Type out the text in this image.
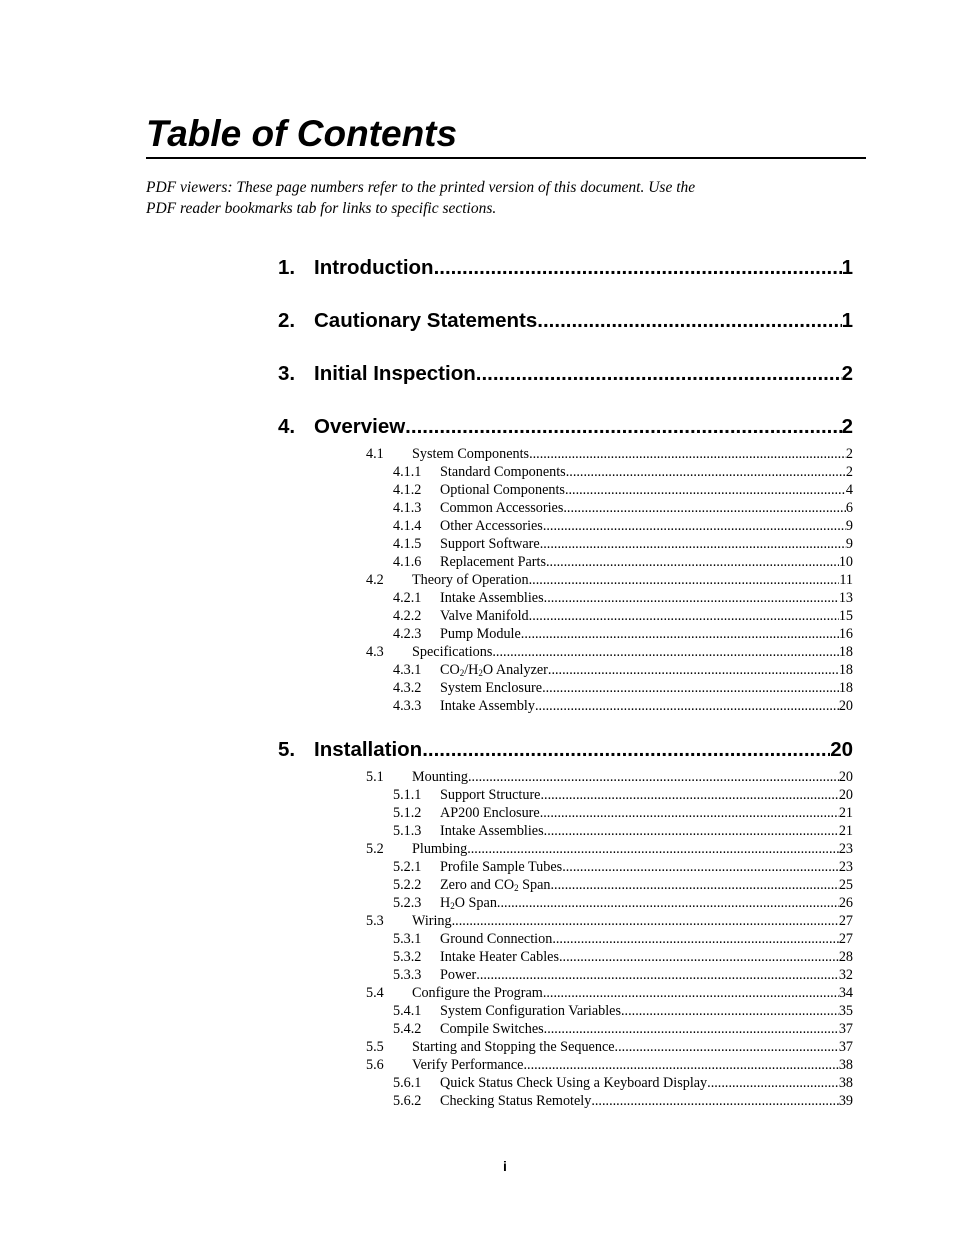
Table of Contents
PDF viewers: These page numbers refer to the printed version of this document. Use the
PDF reader bookmarks tab for links to specific sections.
1. Introduction .....	1
2. Cautionary Statements .....	1
3. Initial Inspection .....	2
4. Overview .....	2
4.1	System Components .....	2
4.1.1	Standard Components .....	2
4.1.2	Optional Components .....	4
4.1.3	Common Accessories .....	6
4.1.4	Other Accessories .....	9
4.1.5	Support Software .....	9
4.1.6	Replacement Parts .....	10
4.2	Theory of Operation .....	11
4.2.1	Intake Assemblies .....	13
4.2.2	Valve Manifold .....	15
4.2.3	Pump Module .....	16
4.3	Specifications .....	18
4.3.1	$CO_2/H_2O$ Analyzer .....	18
4.3.2	System Enclosure .....	18
4.3.3	Intake Assembly .....	20
5. Installation .....	20
5.1	Mounting .....	20
5.1.1	Support Structure .....	20
5.1.2	AP200 Enclosure .....	21
5.1.3	Intake Assemblies .....	21
5.2	Plumbing .....	23
5.2.1	Profile Sample Tubes .....	23
5.2.2	Zero and $CO_2$ Span .....	25
5.2.3	$H_2O$ Span .....	26
5.3	Wiring .....	27
5.3.1	Ground Connection .....	27
5.3.2	Intake Heater Cables .....	28
5.3.3	Power .....	32
5.4	Configure the Program .....	34
5.4.1	System Configuration Variables .....	35
5.4.2	Compile Switches .....	37
5.5	Starting and Stopping the Sequence .....	37
5.6	Verify Performance .....	38
5.6.1	Quick Status Check Using a Keyboard Display .....	38
5.6.2	Checking Status Remotely .....	39
i
